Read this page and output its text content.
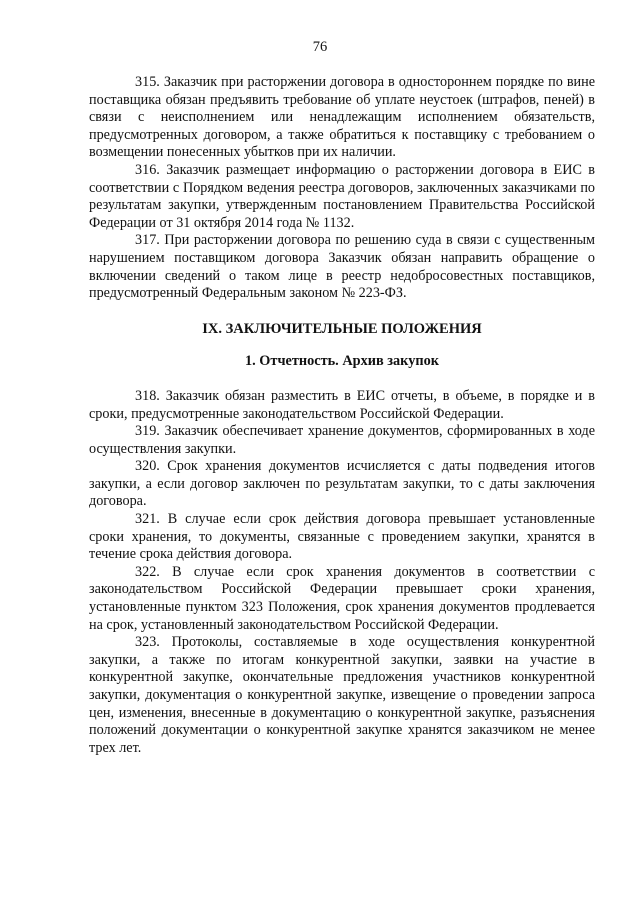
76

315. Заказчик при расторжении договора в одностороннем порядке по вине поставщика обязан предъявить требование об уплате неустоек (штрафов, пеней) в связи с неисполнением или ненадлежащим исполнением обязательств, предусмотренных договором, а также обратиться к поставщику с требованием о возмещении понесенных убытков при их наличии.

316. Заказчик размещает информацию о расторжении договора в ЕИС в соответствии с Порядком ведения реестра договоров, заключенных заказчиками по результатам закупки, утвержденным постановлением Правительства Российской Федерации от 31 октября 2014 года № 1132.

317. При расторжении договора по решению суда в связи с существенным нарушением поставщиком договора Заказчик обязан направить обращение о включении сведений о таком лице в реестр недобросовестных поставщиков, предусмотренный Федеральным законом № 223-ФЗ.

IX. ЗАКЛЮЧИТЕЛЬНЫЕ ПОЛОЖЕНИЯ
1. Отчетность. Архив закупок

318. Заказчик обязан разместить в ЕИС отчеты, в объеме, в порядке и в сроки, предусмотренные законодательством Российской Федерации.

319. Заказчик обеспечивает хранение документов, сформированных в ходе осуществления закупки.

320. Срок хранения документов исчисляется с даты подведения итогов закупки, а если договор заключен по результатам закупки, то с даты заключения договора.

321. В случае если срок действия договора превышает установленные сроки хранения, то документы, связанные с проведением закупки, хранятся в течение срока действия договора.

322. В случае если срок хранения документов в соответствии с законодательством Российской Федерации превышает сроки хранения, установленные пунктом 323 Положения, срок хранения документов продлевается на срок, установленный законодательством Российской Федерации.

323. Протоколы, составляемые в ходе осуществления конкурентной закупки, а также по итогам конкурентной закупки, заявки на участие в конкурентной закупке, окончательные предложения участников конкурентной закупки, документация о конкурентной закупке, извещение о проведении запроса цен, изменения, внесенные в документацию о конкурентной закупке, разъяснения положений документации о конкурентной закупке хранятся заказчиком не менее трех лет.
